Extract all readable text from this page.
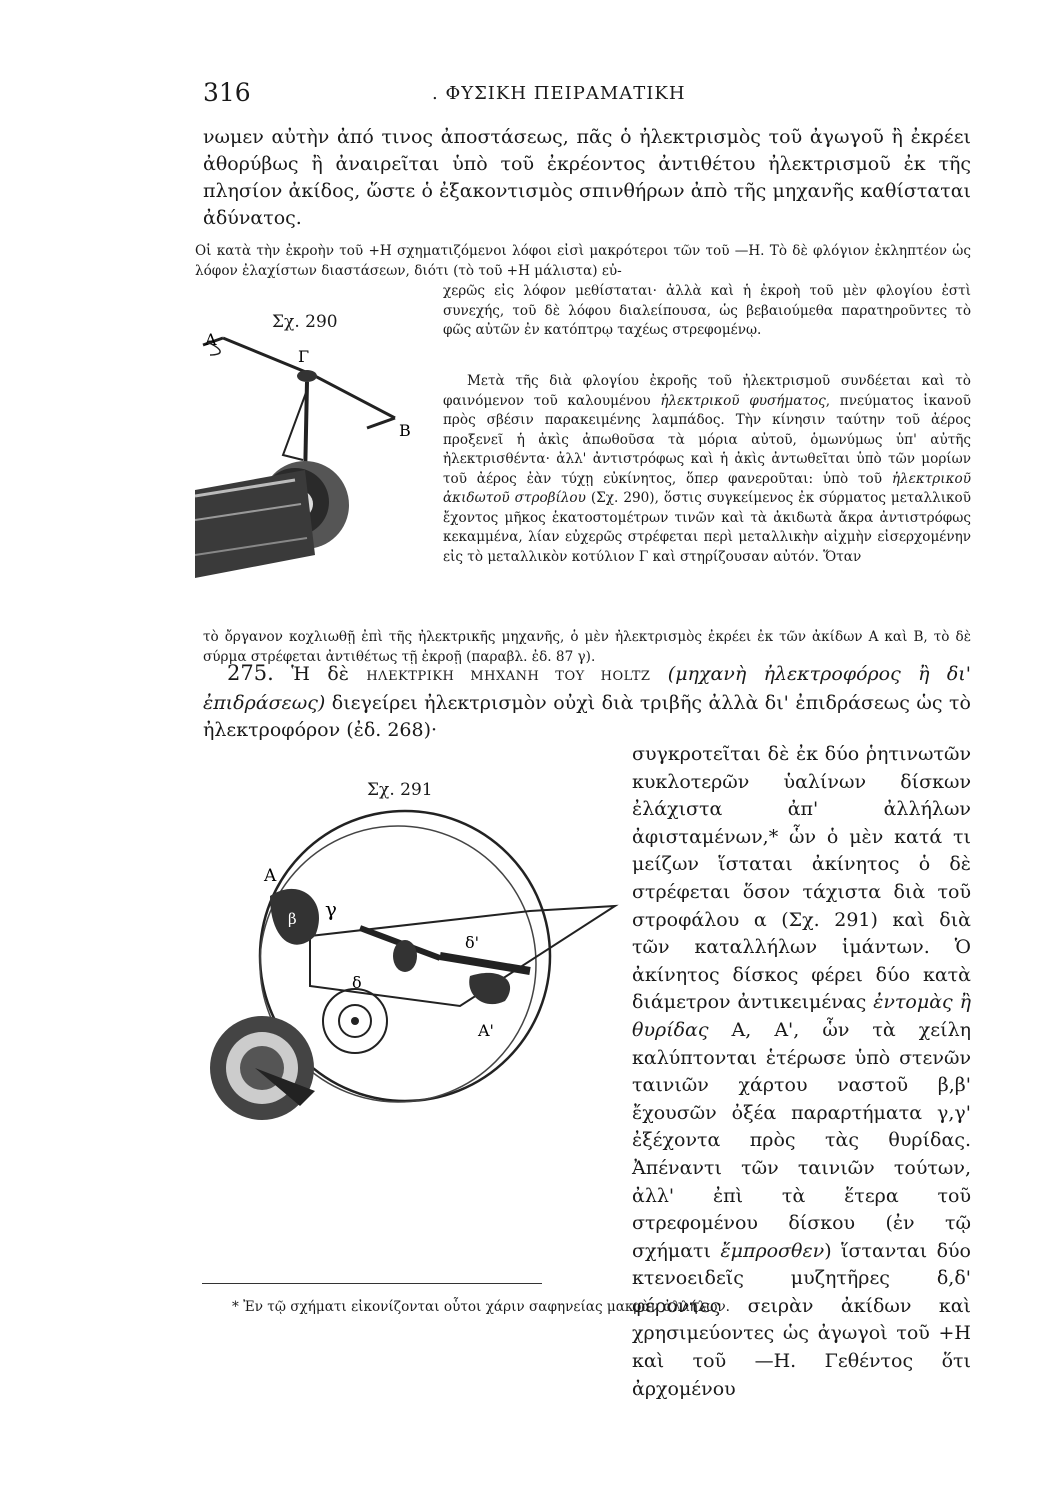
316	. ΦΥΣΙΚΗ ΠΕΙΡΑΜΑΤΙΚΗ

νωμεν αὐτὴν ἀπό τινος ἀποστάσεως, πᾶς ὁ ἠλεκτρισμὸς τοῦ ἀγωγοῦ ἢ ἐκρέει ἀθορύβως ἢ ἀναιρεῖται ὑπὸ τοῦ ἐκρέοντος ἀντιθέτου ἠλεκτρισμοῦ ἐκ τῆς πλησίον ἀκίδος, ὥστε ὁ ἐξακοντισμὸς σπινθήρων ἀπὸ τῆς μηχανῆς καθίσταται ἀδύνατος.

Οἱ κατὰ τὴν ἐκροὴν τοῦ +H σχηματιζόμενοι λόφοι εἰσὶ μακρότεροι τῶν τοῦ —H. Τὸ δὲ φλόγιον ἐκληπτέον ὡς λόφον ἐλαχίστων διαστάσεων, διότι (τὸ τοῦ +H μάλιστα) εὐ-

χερῶς εἰς λόφον μεθίσταται· ἀλλὰ καὶ ἡ ἐκροὴ τοῦ μὲν φλογίου ἐστὶ συνεχής, τοῦ δὲ λόφου διαλείπουσα, ὡς βεβαιούμεθα παρατηροῦντες τὸ φῶς αὐτῶν ἐν κατόπτρῳ ταχέως στρεφομένῳ.

Μετὰ τῆς διὰ φλογίου ἐκροῆς τοῦ ἠλεκτρισμοῦ συνδέεται καὶ τὸ φαινόμενον τοῦ καλουμένου ἠλεκτρικοῦ φυσήματος, πνεύματος ἱκανοῦ πρὸς σβέσιν παρακειμένης λαμπάδος. Τὴν κίνησιν ταύτην τοῦ ἀέρος προξενεῖ ἡ ἀκὶς ἀπωθοῦσα τὰ μόρια αὐτοῦ, ὁμωνύμως ὑπ' αὐτῆς ἠλεκτρισθέντα· ἀλλ' ἀντιστρόφως καὶ ἡ ἀκὶς ἀντωθεῖται ὑπὸ τῶν μορίων τοῦ ἀέρος ἐὰν τύχῃ εὐκίνητος, ὅπερ φανεροῦται: ὑπὸ τοῦ ἠλεκτρικοῦ ἀκιδωτοῦ στροβίλου (Σχ. 290), ὅστις συγκείμενος ἐκ σύρματος μεταλλικοῦ ἔχοντος μῆκος ἑκατοστομέτρων τινῶν καὶ τὰ ἀκιδωτὰ ἄκρα ἀντιστρόφως κεκαμμένα, λίαν εὐχερῶς στρέφεται περὶ μεταλλικὴν αἰχμὴν εἰσερχομένην εἰς τὸ μεταλλικὸν κοτύλιον Γ καὶ στηρίζουσαν αὐτόν. Ὅταν

τὸ ὄργανον κοχλιωθῇ ἐπὶ τῆς ἠλεκτρικῆς μηχανῆς, ὁ μὲν ἠλεκτρισμὸς ἐκρέει ἐκ τῶν ἀκίδων A καὶ B, τὸ δὲ σύρμα στρέφεται ἀντιθέτως τῇ ἐκροῇ (παραβλ. ἐδ. 87 γ).

275. Ἡ δὲ ΗΛΕΚΤΡΙΚΗ ΜΗΧΑΝΗ ΤΟΥ HOLTZ (μηχανὴ ἠλεκτροφόρος ἢ δι' ἐπιδράσεως) διεγείρει ἠλεκτρισμὸν οὐχὶ διὰ τριβῆς ἀλλὰ δι' ἐπιδράσεως ὡς τὸ ἠλεκτροφόρον (ἐδ. 268)·

συγκροτεῖται δὲ ἐκ δύο ῥητινωτῶν κυκλοτερῶν ὑαλίνων δίσκων ἐλάχιστα ἀπ' ἀλλήλων ἀφισταμένων,* ὧν ὁ μὲν κατά τι μείζων ἵσταται ἀκίνητος ὁ δὲ στρέφεται ὅσον τάχιστα διὰ τοῦ στροφάλου α (Σχ. 291) καὶ διὰ τῶν καταλλήλων ἱμάντων. Ὁ ἀκίνητος δίσκος φέρει δύο κατὰ διάμετρον ἀντικειμένας ἐντομὰς ἢ θυρίδας A, A', ὧν τὰ χείλη καλύπτονται ἑτέρωσε ὑπὸ στενῶν ταινιῶν χάρτου ναστοῦ β,β' ἔχουσῶν ὀξέα παραρτήματα γ,γ' ἐξέχοντα πρὸς τὰς θυρίδας. Ἀπέναντι τῶν ταινιῶν τούτων, ἀλλ' ἐπὶ τὰ ἕτερα τοῦ στρεφομένου δίσκου (ἐν τῷ σχήματι ἔμπροσθεν) ἵστανται δύο κτενοειδεῖς μυζητῆρες δ,δ' φέροντες σειρὰν ἀκίδων καὶ χρησιμεύοντες ὡς ἀγωγοὶ τοῦ +H καὶ τοῦ —H. Γεθέντος ὅτι ἀρχομένου

Σχ. 290
A
B
Γ
Σχ. 291
A
γ
β
δ'
δ
A'

* Ἐν τῷ σχήματι εἰκονίζονται οὗτοι χάριν σαφηνείας μακρὰν ἀλλήλων.
